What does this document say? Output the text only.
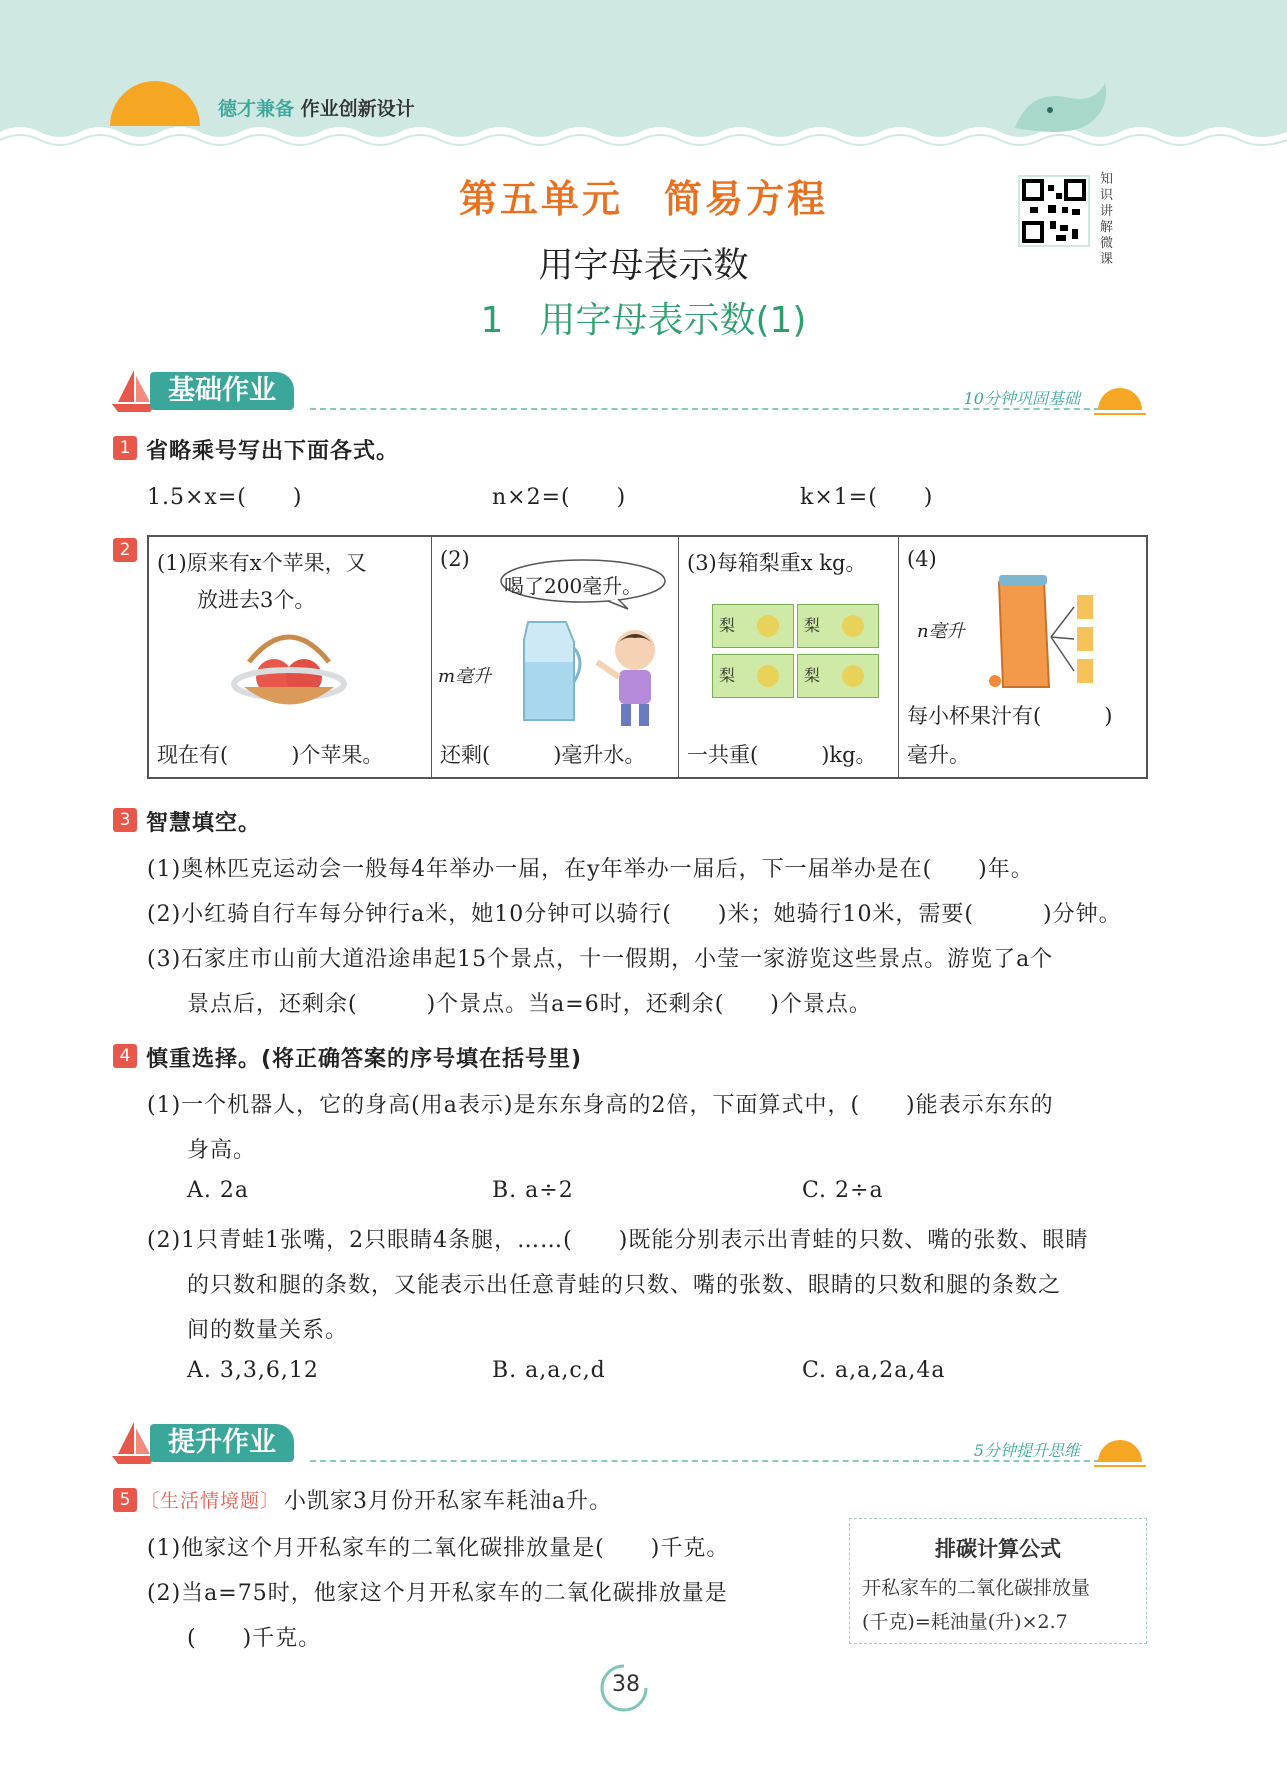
德才兼备 作业创新设计
第五单元　简易方程
用字母表示数
1　用字母表示数(1)
知识讲解微课
基础作业	10分钟巩固基础
1 省略乘号写出下面各式。
1.5×x=(　　)	n×2=(　　)	k×1=(　　)
2
(1)原来有x个苹果，又
放进去3个。
现在有(　　　)个苹果。
(2)
喝了200毫升。
m毫升
还剩(　　　)毫升水。
(3)每箱梨重x kg。
梨	梨
梨	梨
一共重(　　　)kg。
(4)
n毫升
每小杯果汁有(　　　)
毫升。
3 智慧填空。
(1)奥林匹克运动会一般每4年举办一届，在y年举办一届后，下一届举办是在(　　)年。
(2)小红骑自行车每分钟行a米，她10分钟可以骑行(　　)米；她骑行10米，需要(　　　)分钟。
(3)石家庄市山前大道沿途串起15个景点，十一假期，小莹一家游览这些景点。游览了a个
景点后，还剩余(　　　)个景点。当a=6时，还剩余(　　)个景点。
4 慎重选择。(将正确答案的序号填在括号里)
(1)一个机器人，它的身高(用a表示)是东东身高的2倍，下面算式中，(　　)能表示东东的
身高。
A. 2a	B. a÷2	C. 2÷a
(2)1只青蛙1张嘴，2只眼睛4条腿，……(　　)既能分别表示出青蛙的只数、嘴的张数、眼睛
的只数和腿的条数，又能表示出任意青蛙的只数、嘴的张数、眼睛的只数和腿的条数之
间的数量关系。
A. 3,3,6,12	B. a,a,c,d	C. a,a,2a,4a
提升作业	5分钟提升思维
5 〔生活情境题〕 小凯家3月份开私家车耗油a升。
(1)他家这个月开私家车的二氧化碳排放量是(　　)千克。
(2)当a=75时，他家这个月开私家车的二氧化碳排放量是
(　　)千克。
排碳计算公式
开私家车的二氧化碳排放量
(千克)=耗油量(升)×2.7
38
